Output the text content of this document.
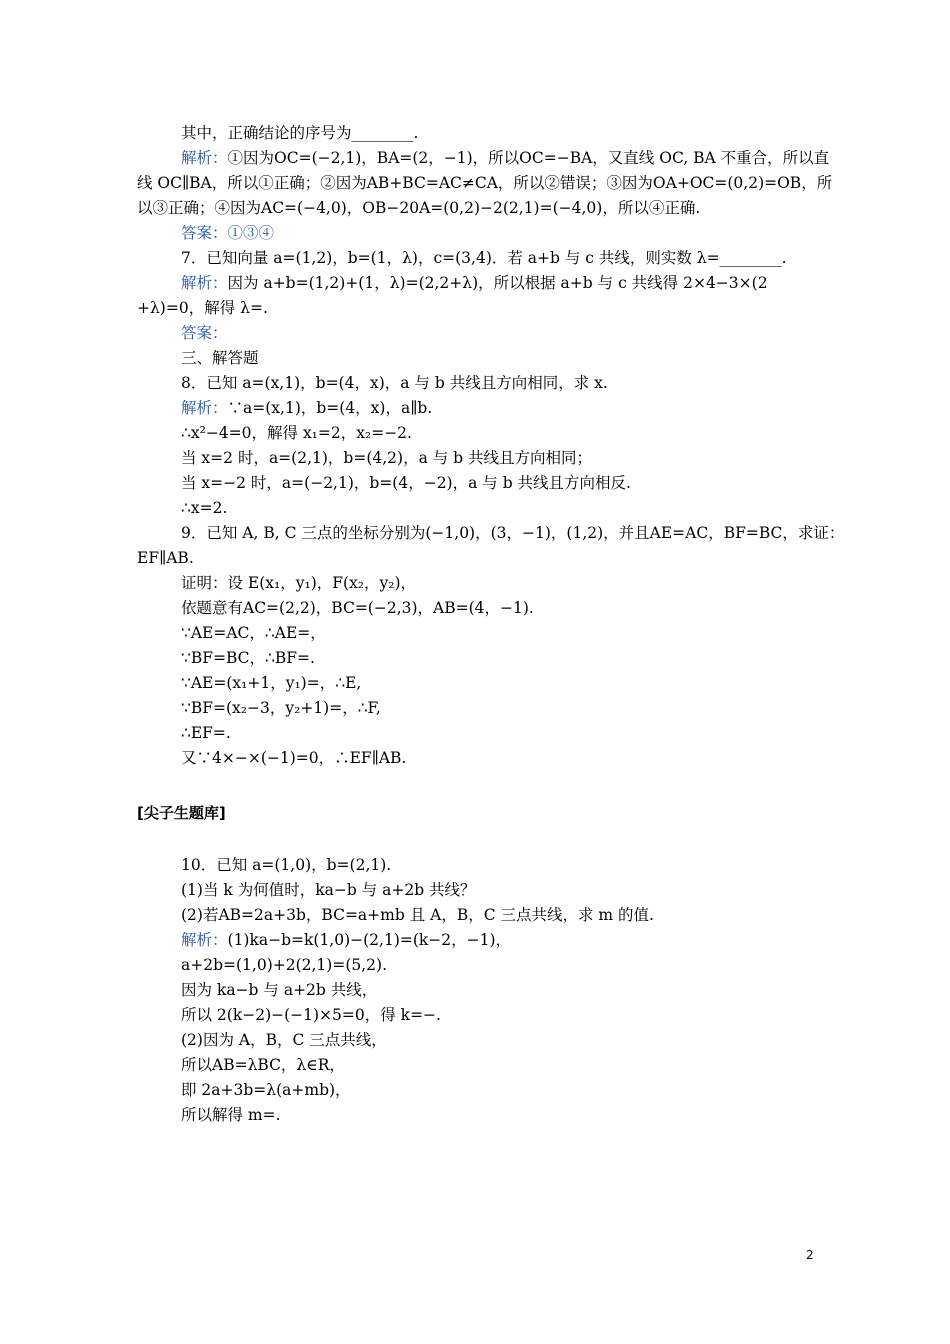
其中，正确结论的序号为________.
解析：①因为OC=(−2,1)，BA=(2，−1)，所以OC=−BA，又直线 OC, BA 不重合，所以直
线 OC∥BA，所以①正确；②因为AB+BC=AC≠CA，所以②错误；③因为OA+OC=(0,2)=OB，所
以③正确；④因为AC=(−4,0)，OB−20A=(0,2)−2(2,1)=(−4,0)，所以④正确.
答案：①③④
7．已知向量 a=(1,2)，b=(1，λ)，c=(3,4)．若 a+b 与 c 共线，则实数 λ=________.
解析：因为 a+b=(1,2)+(1，λ)=(2,2+λ)，所以根据 a+b 与 c 共线得 2×4−3×(2
+λ)=0，解得 λ=.
答案：
三、解答题
8．已知 a=(x,1)，b=(4，x)，a 与 b 共线且方向相同，求 x.
解析：∵a=(x,1)，b=(4，x)，a∥b.
∴x²−4=0，解得 x₁=2，x₂=−2.
当 x=2 时，a=(2,1)，b=(4,2)，a 与 b 共线且方向相同；
当 x=−2 时，a=(−2,1)，b=(4，−2)，a 与 b 共线且方向相反.
∴x=2.
9．已知 A, B, C 三点的坐标分别为(−1,0)，(3，−1)，(1,2)，并且AE=AC，BF=BC，求证：
EF∥AB.
证明：设 E(x₁，y₁)，F(x₂，y₂)，
依题意有AC=(2,2)，BC=(−2,3)，AB=(4，−1).
∵AE=AC，∴AE=，
∵BF=BC，∴BF=.
∵AE=(x₁+1，y₁)=，∴E,
∵BF=(x₂−3，y₂+1)=，∴F,
∴EF=.
又∵4×−×(−1)=0，∴EF∥AB.
[尖子生题库]
10．已知 a=(1,0)，b=(2,1).
(1)当 k 为何值时，ka−b 与 a+2b 共线？
(2)若AB=2a+3b，BC=a+mb 且 A，B，C 三点共线，求 m 的值.
解析：(1)ka−b=k(1,0)−(2,1)=(k−2，−1)，
a+2b=(1,0)+2(2,1)=(5,2).
因为 ka−b 与 a+2b 共线，
所以 2(k−2)−(−1)×5=0，得 k=−.
(2)因为 A，B，C 三点共线，
所以AB=λBC，λ∈R，
即 2a+3b=λ(a+mb)，
所以解得 m=.
2
